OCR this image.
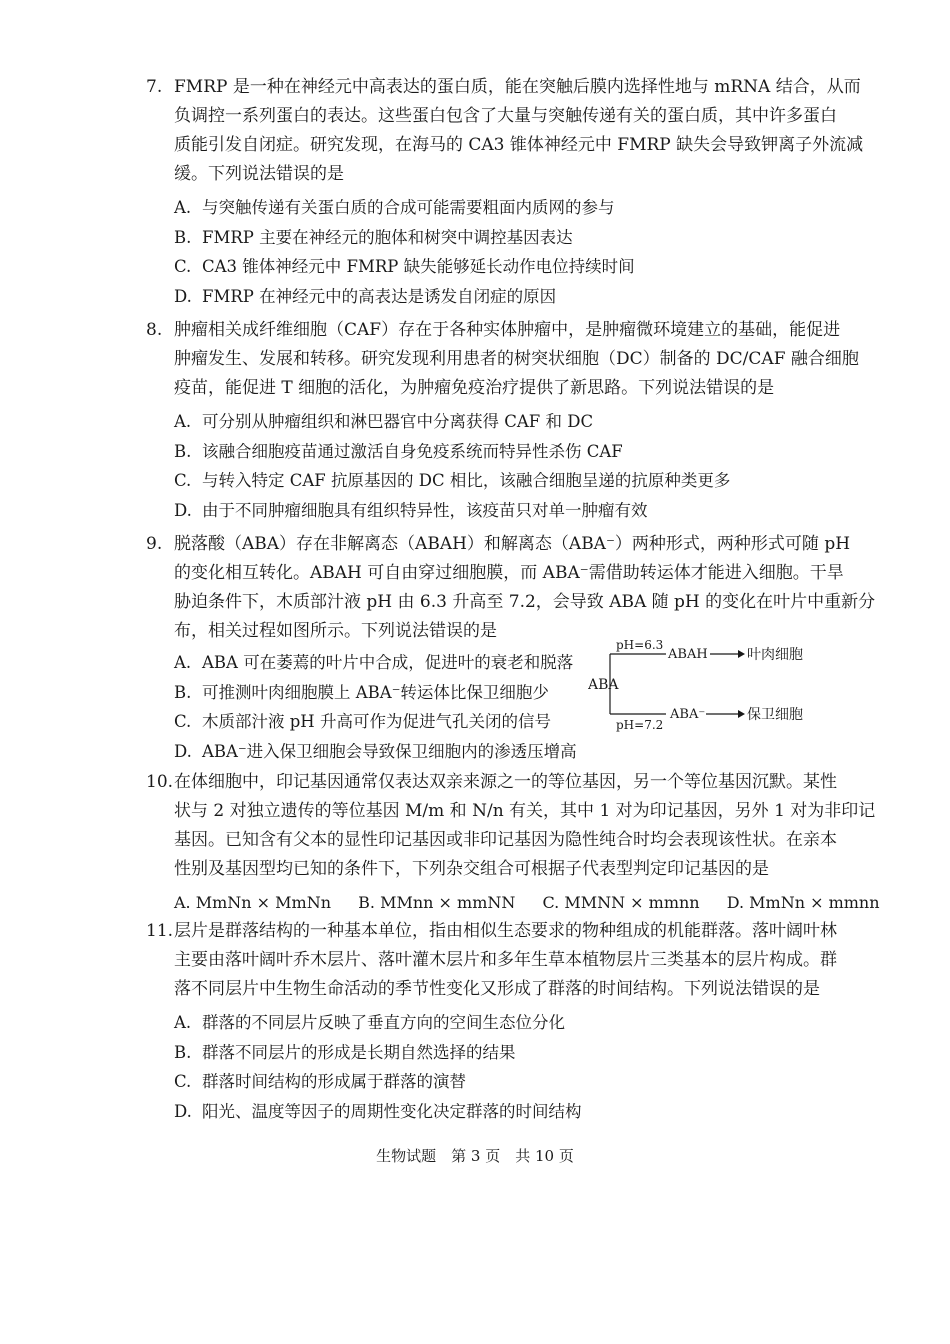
7. FMRP 是一种在神经元中高表达的蛋白质，能在突触后膜内选择性地与 mRNA 结合，从而
负调控一系列蛋白的表达。这些蛋白包含了大量与突触传递有关的蛋白质，其中许多蛋白
质能引发自闭症。研究发现，在海马的 CA3 锥体神经元中 FMRP 缺失会导致钾离子外流减
缓。下列说法错误的是
A. 与突触传递有关蛋白质的合成可能需要粗面内质网的参与
B. FMRP 主要在神经元的胞体和树突中调控基因表达
C. CA3 锥体神经元中 FMRP 缺失能够延长动作电位持续时间
D. FMRP 在神经元中的高表达是诱发自闭症的原因
8. 肿瘤相关成纤维细胞（CAF）存在于各种实体肿瘤中，是肿瘤微环境建立的基础，能促进
肿瘤发生、发展和转移。研究发现利用患者的树突状细胞（DC）制备的 DC/CAF 融合细胞
疫苗，能促进 T 细胞的活化，为肿瘤免疫治疗提供了新思路。下列说法错误的是
A. 可分别从肿瘤组织和淋巴器官中分离获得 CAF 和 DC
B. 该融合细胞疫苗通过激活自身免疫系统而特异性杀伤 CAF
C. 与转入特定 CAF 抗原基因的 DC 相比，该融合细胞呈递的抗原种类更多
D. 由于不同肿瘤细胞具有组织特异性，该疫苗只对单一肿瘤有效
9. 脱落酸（ABA）存在非解离态（ABAH）和解离态（ABA⁻）两种形式，两种形式可随 pH
的变化相互转化。ABAH 可自由穿过细胞膜，而 ABA⁻需借助转运体才能进入细胞。干旱
胁迫条件下，木质部汁液 pH 由 6.3 升高至 7.2，会导致 ABA 随 pH 的变化在叶片中重新分
布，相关过程如图所示。下列说法错误的是
A. ABA 可在萎蔫的叶片中合成，促进叶的衰老和脱落
B. 可推测叶肉细胞膜上 ABA⁻转运体比保卫细胞少
C. 木质部汁液 pH 升高可作为促进气孔关闭的信号
D. ABA⁻进入保卫细胞会导致保卫细胞内的渗透压增高
ABA
pH=6.3
pH=7.2
ABAH
ABA⁻
叶肉细胞
保卫细胞
10.在体细胞中，印记基因通常仅表达双亲来源之一的等位基因，另一个等位基因沉默。某性
状与 2 对独立遗传的等位基因 M/m 和 N/n 有关，其中 1 对为印记基因，另外 1 对为非印记
基因。已知含有父本的显性印记基因或非印记基因为隐性纯合时均会表现该性状。在亲本
性别及基因型均已知的条件下，下列杂交组合可根据子代表型判定印记基因的是
A. MmNn × MmNn B. MMnn × mmNN C. MMNN × mmnn D. MmNn × mmnn
11.层片是群落结构的一种基本单位，指由相似生态要求的物种组成的机能群落。落叶阔叶林
主要由落叶阔叶乔木层片、落叶灌木层片和多年生草本植物层片三类基本的层片构成。群
落不同层片中生物生命活动的季节性变化又形成了群落的时间结构。下列说法错误的是
A. 群落的不同层片反映了垂直方向的空间生态位分化
B. 群落不同层片的形成是长期自然选择的结果
C. 群落时间结构的形成属于群落的演替
D. 阳光、温度等因子的周期性变化决定群落的时间结构
生物试题　第 3 页　共 10 页
